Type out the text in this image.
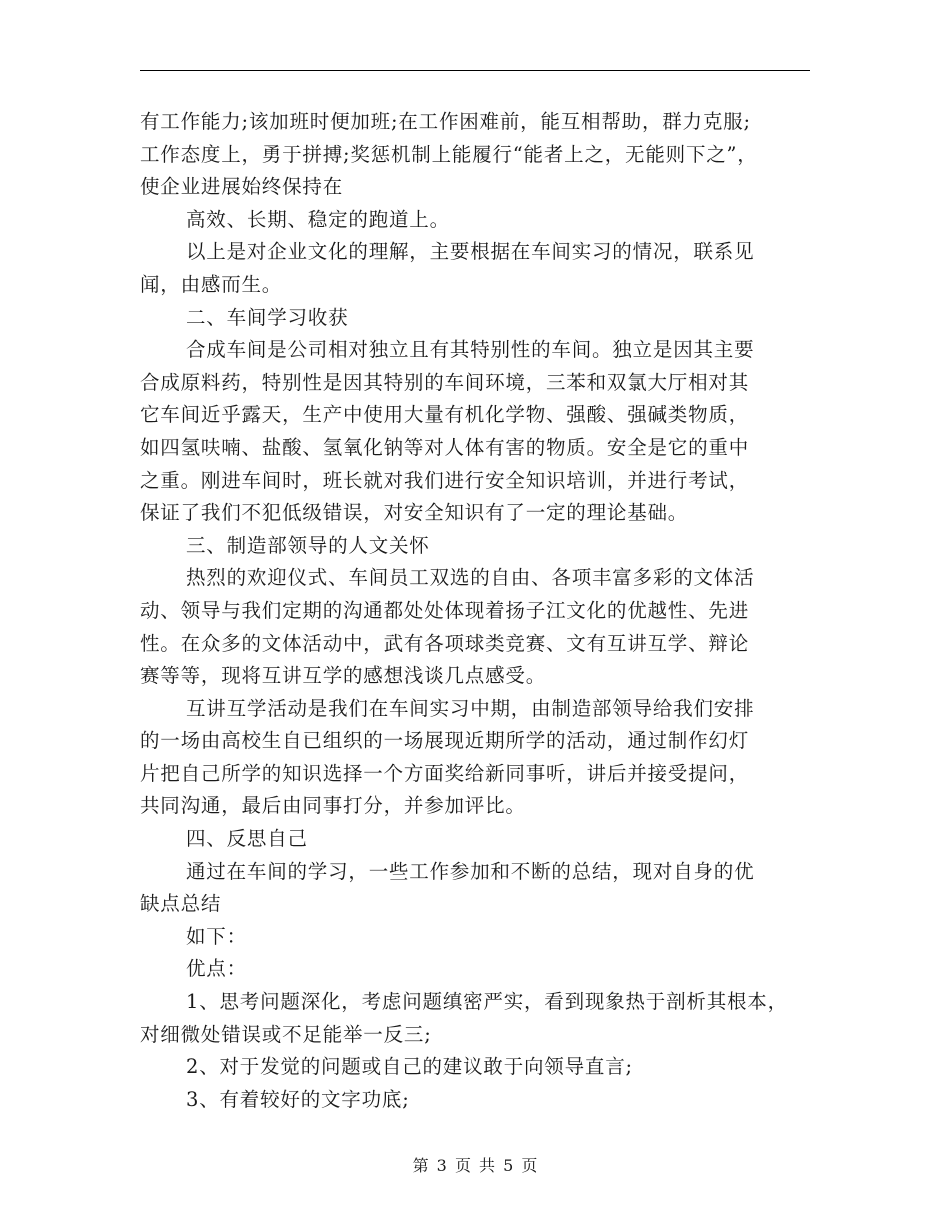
有工作能力;该加班时便加班;在工作困难前，能互相帮助，群力克服;
工作态度上，勇于拼搏;奖惩机制上能履行“能者上之，无能则下之”，
使企业进展始终保持在
高效、长期、稳定的跑道上。
以上是对企业文化的理解，主要根据在车间实习的情况，联系见
闻，由感而生。
二、车间学习收获
合成车间是公司相对独立且有其特别性的车间。独立是因其主要
合成原料药，特别性是因其特别的车间环境，三苯和双氯大厅相对其
它车间近乎露天，生产中使用大量有机化学物、强酸、强碱类物质，
如四氢呋喃、盐酸、氢氧化钠等对人体有害的物质。安全是它的重中
之重。刚进车间时，班长就对我们进行安全知识培训，并进行考试，
保证了我们不犯低级错误，对安全知识有了一定的理论基础。
三、制造部领导的人文关怀
热烈的欢迎仪式、车间员工双选的自由、各项丰富多彩的文体活
动、领导与我们定期的沟通都处处体现着扬子江文化的优越性、先进
性。在众多的文体活动中，武有各项球类竞赛、文有互讲互学、辩论
赛等等，现将互讲互学的感想浅谈几点感受。
互讲互学活动是我们在车间实习中期，由制造部领导给我们安排
的一场由高校生自已组织的一场展现近期所学的活动，通过制作幻灯
片把自己所学的知识选择一个方面奖给新同事听，讲后并接受提问，
共同沟通，最后由同事打分，并参加评比。
四、反思自己
通过在车间的学习，一些工作参加和不断的总结，现对自身的优
缺点总结
如下：
优点：
1、思考问题深化，考虑问题缜密严实，看到现象热于剖析其根本，
对细微处错误或不足能举一反三;
2、对于发觉的问题或自己的建议敢于向领导直言;
3、有着较好的文字功底;
第 3 页 共 5 页
